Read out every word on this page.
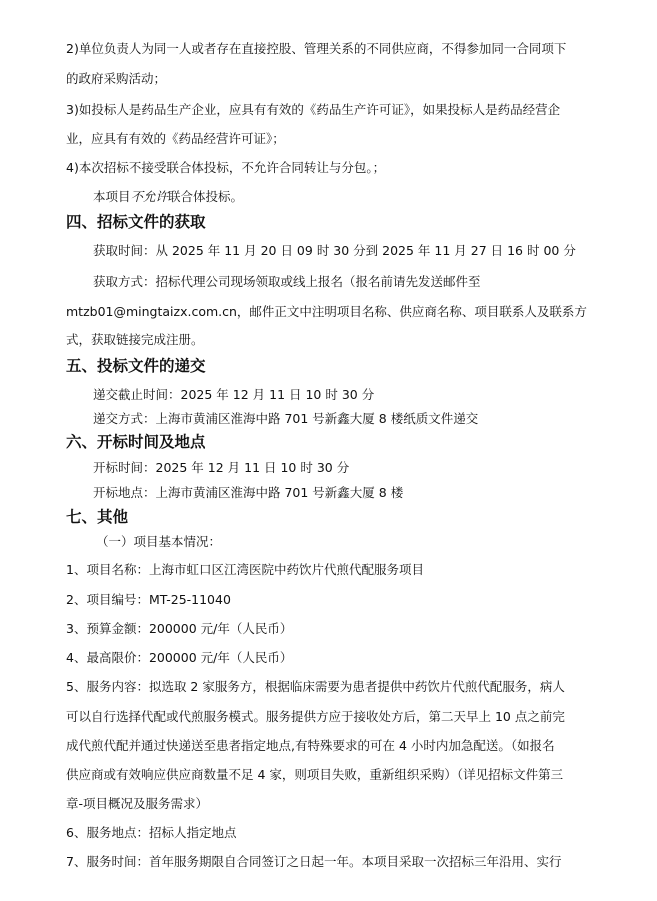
2)单位负责人为同一人或者存在直接控股、管理关系的不同供应商，不得参加同一合同项下
的政府采购活动；
3)如投标人是药品生产企业，应具有有效的《药品生产许可证》，如果投标人是药品经营企
业，应具有有效的《药品经营许可证》；
4)本次招标不接受联合体投标，不允许合同转让与分包。；
本项目不允许联合体投标。
四、招标文件的获取
获取时间：从 2025 年 11 月 20 日 09 时 30 分到 2025 年 11 月 27 日 16 时 00 分
获取方式：招标代理公司现场领取或线上报名（报名前请先发送邮件至
mtzb01@mingtaizx.com.cn，邮件正文中注明项目名称、供应商名称、项目联系人及联系方
式，获取链接完成注册。
五、投标文件的递交
递交截止时间：2025 年 12 月 11 日 10 时 30 分
递交方式：上海市黄浦区淮海中路 701 号新鑫大厦 8 楼纸质文件递交
六、开标时间及地点
开标时间：2025 年 12 月 11 日 10 时 30 分
开标地点：上海市黄浦区淮海中路 701 号新鑫大厦 8 楼
七、其他
（一）项目基本情况：
1、项目名称：上海市虹口区江湾医院中药饮片代煎代配服务项目
2、项目编号：MT-25-11040
3、预算金额：200000 元/年（人民币）
4、最高限价：200000 元/年（人民币）
5、服务内容：拟选取 2 家服务方，根据临床需要为患者提供中药饮片代煎代配服务，病人
可以自行选择代配或代煎服务模式。服务提供方应于接收处方后，第二天早上 10 点之前完
成代煎代配并通过快递送至患者指定地点,有特殊要求的可在 4 小时内加急配送。（如报名
供应商或有效响应供应商数量不足 4 家，则项目失败，重新组织采购）（详见招标文件第三
章-项目概况及服务需求）
6、服务地点：招标人指定地点
7、服务时间：首年服务期限自合同签订之日起一年。本项目采取一次招标三年沿用、实行
